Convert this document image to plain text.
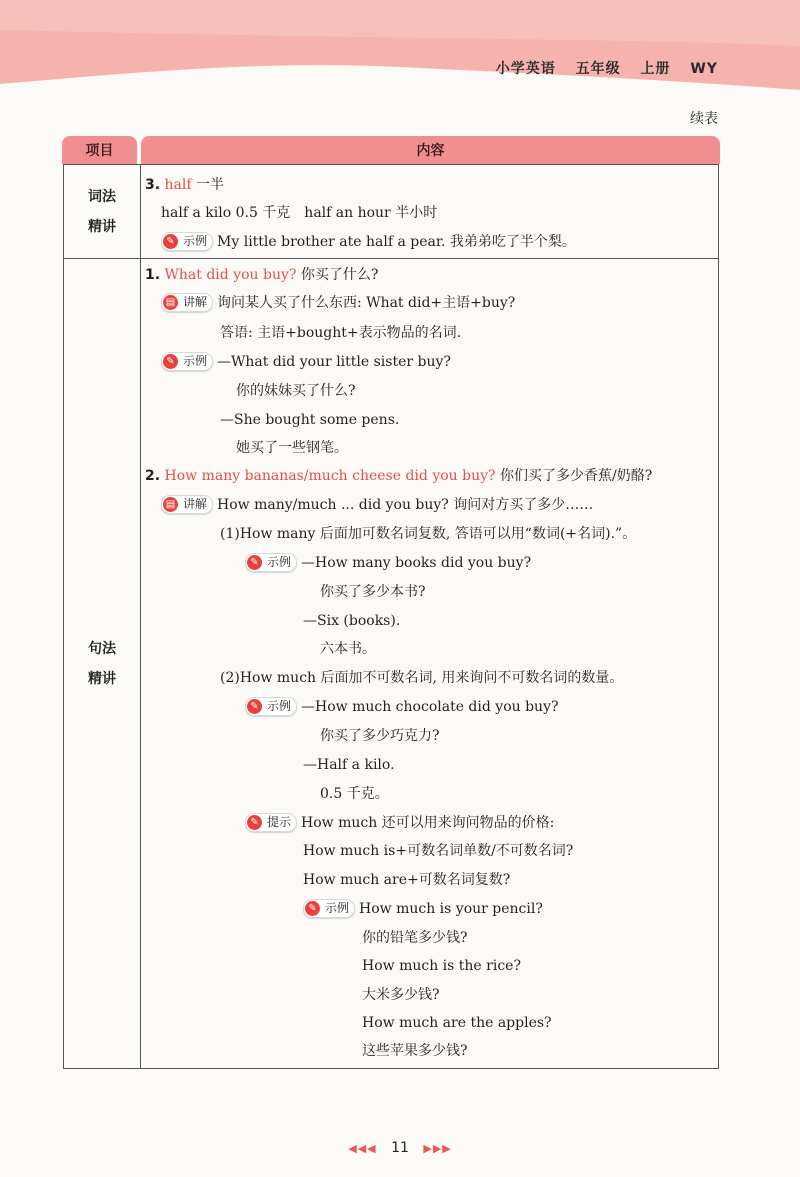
小学英语 五年级 上册 WY
续表
项目	内容
词法
精讲
句法
精讲
3. half 一半
half a kilo 0.5 千克　half an hour 半小时
✎ 示例 My little brother ate half a pear. 我弟弟吃了半个梨。
1. What did you buy? 你买了什么?
▤ 讲解 询问某人买了什么东西: What did+主语+buy?
答语: 主语+bought+表示物品的名词.
✎ 示例 —What did your little sister buy?
你的妹妹买了什么?
—She bought some pens.
她买了一些钢笔。
2. How many bananas/much cheese did you buy? 你们买了多少香蕉/奶酪?
▤ 讲解 How many/much ... did you buy? 询问对方买了多少……
(1)How many 后面加可数名词复数, 答语可以用“数词(+名词).”。
✎ 示例 —How many books did you buy?
你买了多少本书?
—Six (books).
六本书。
(2)How much 后面加不可数名词, 用来询问不可数名词的数量。
✎ 示例 —How much chocolate did you buy?
你买了多少巧克力?
—Half a kilo.
0.5 千克。
✎ 提示 How much 还可以用来询问物品的价格:
How much is+可数名词单数/不可数名词?
How much are+可数名词复数?
✎ 示例 How much is your pencil?
你的铅笔多少钱?
How much is the rice?
大米多少钱?
How much are the apples?
这些苹果多少钱?
◀◀◀ 11 ▶▶▶
